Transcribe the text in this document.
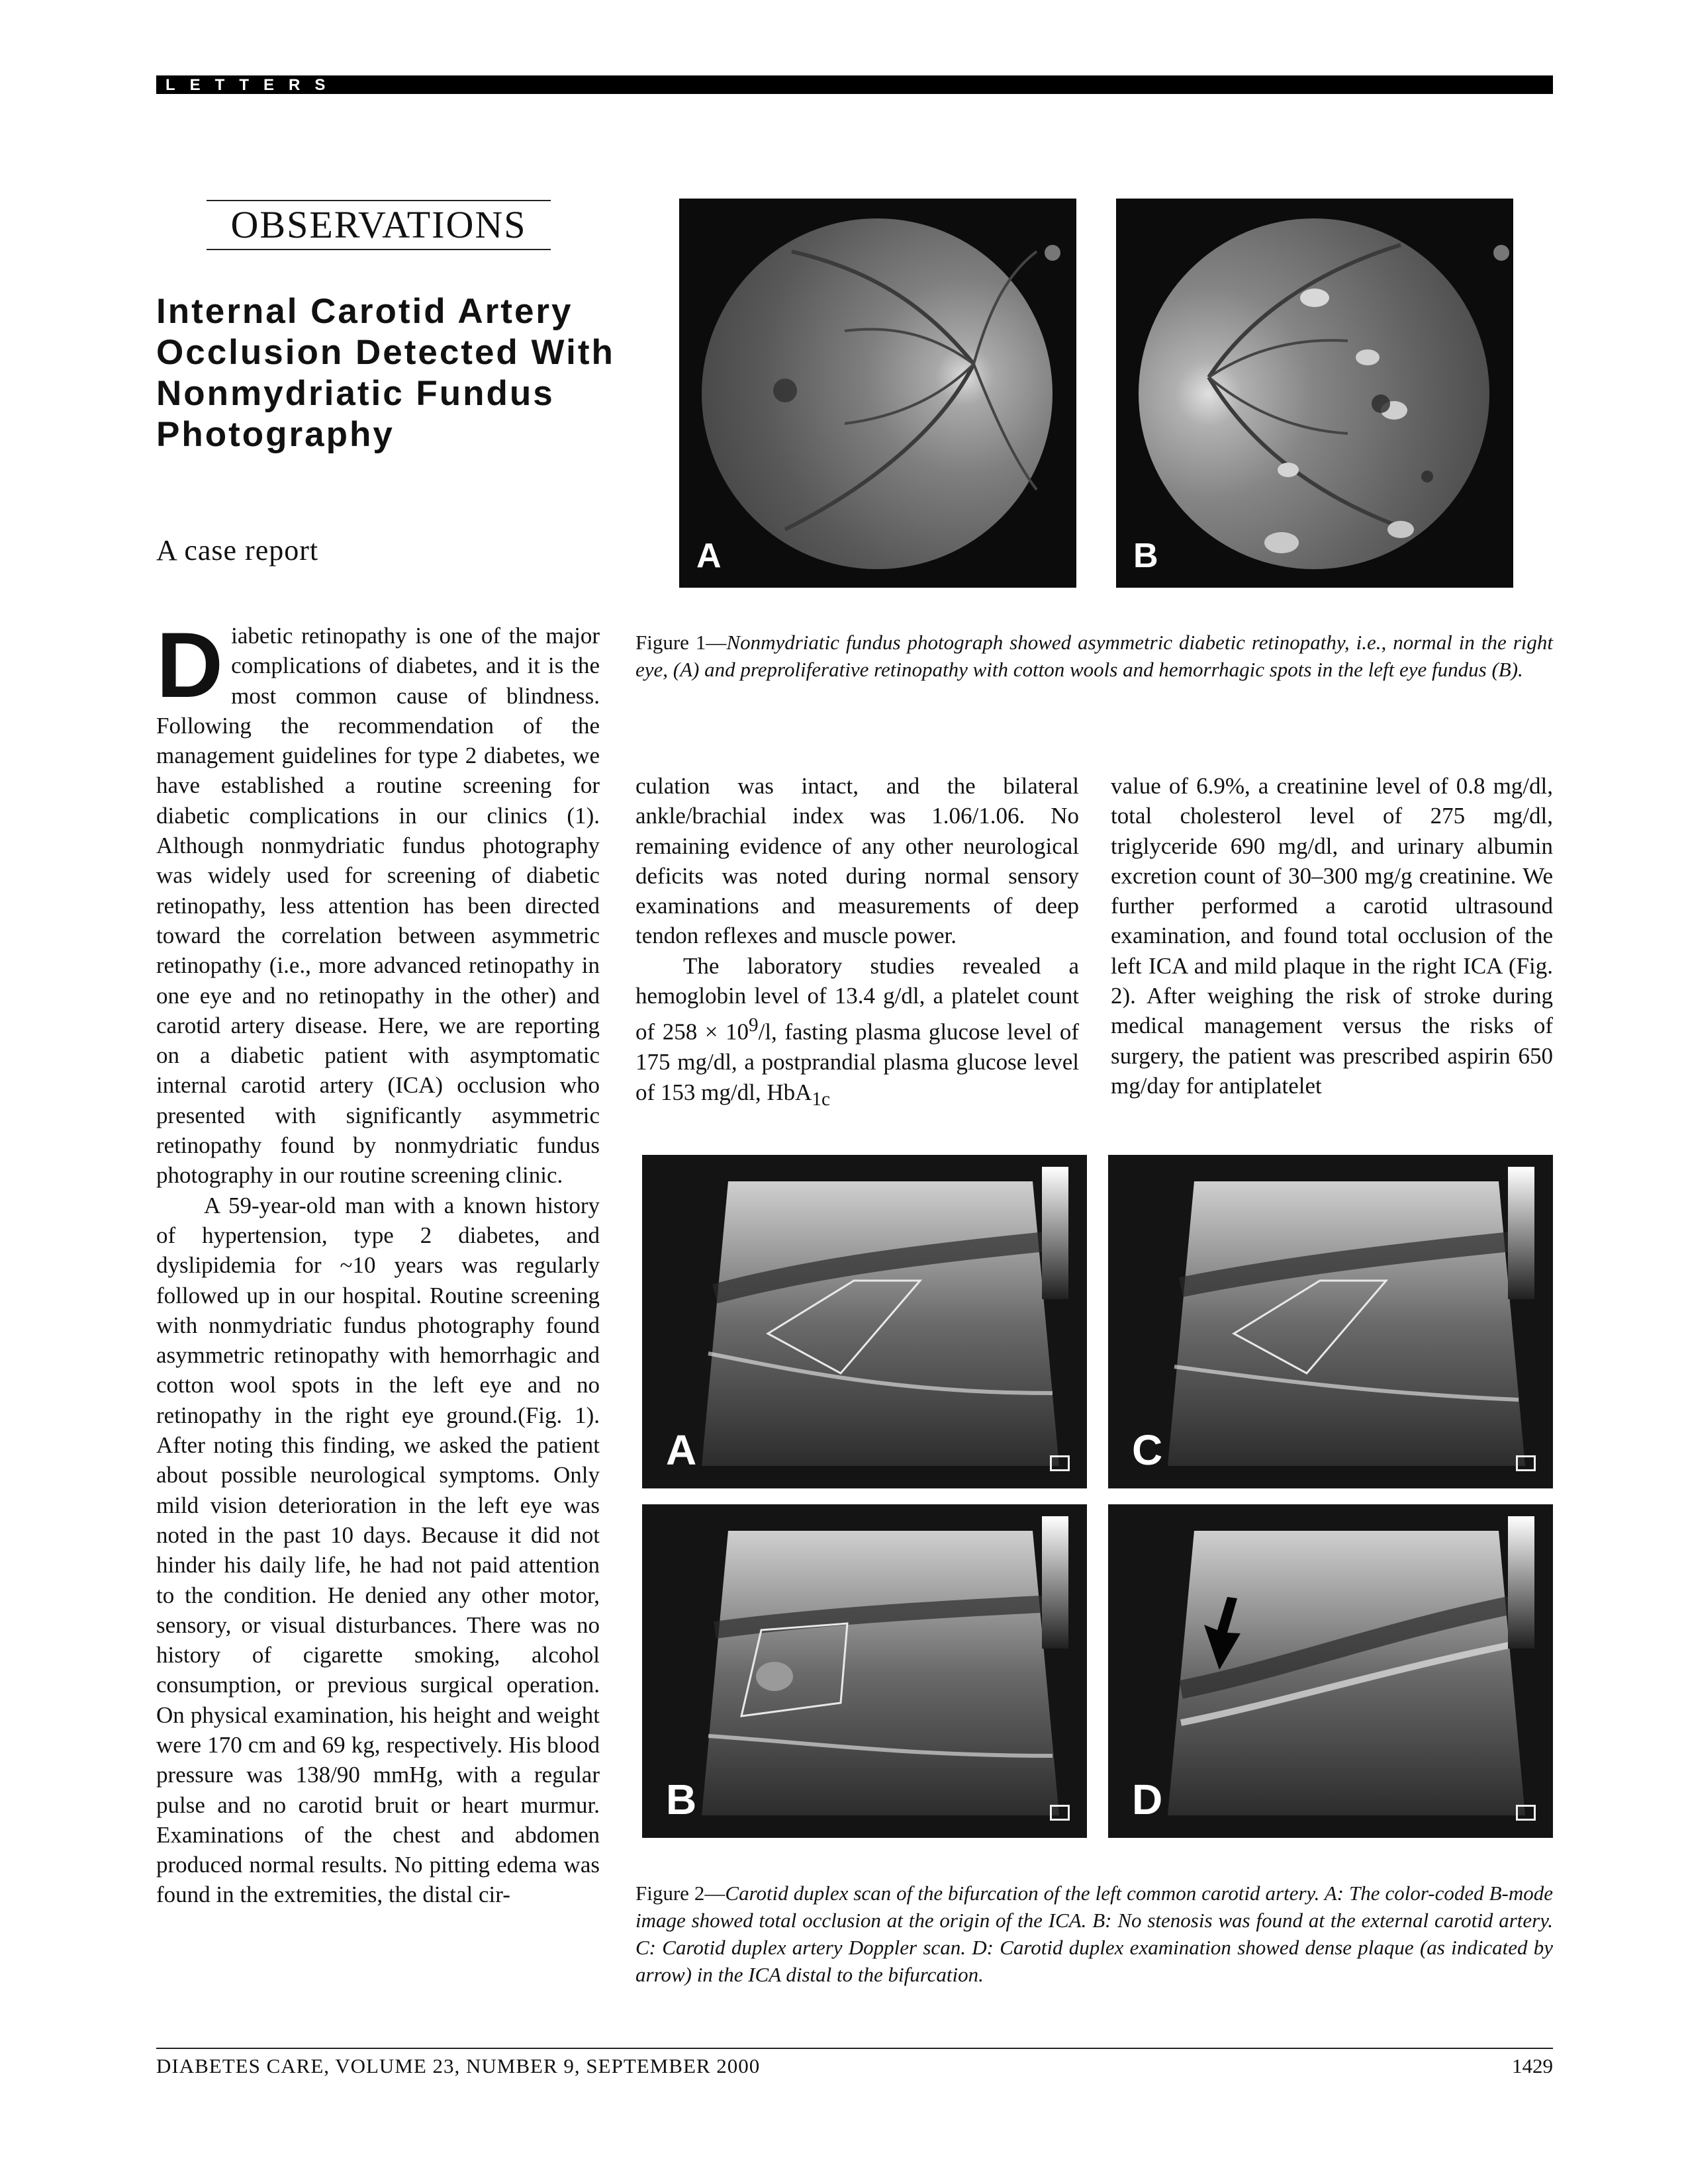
LETTERS
OBSERVATIONS
Internal Carotid Artery Occlusion Detected With Nonmydriatic Fundus Photography
A case report

Diabetic retinopathy is one of the major complications of diabetes, and it is the most common cause of blindness. Following the recommendation of the management guidelines for type 2 diabetes, we have established a routine screening for diabetic complications in our clinics (1). Although nonmydriatic fundus photography was widely used for screening of diabetic retinopathy, less attention has been directed toward the correlation between asymmetric retinopathy (i.e., more advanced retinopathy in one eye and no retinopathy in the other) and carotid artery disease. Here, we are reporting on a diabetic patient with asymptomatic internal carotid artery (ICA) occlusion who presented with significantly asymmetric retinopathy found by nonmydriatic fundus photography in our routine screening clinic.

A 59-year-old man with a known history of hypertension, type 2 diabetes, and dyslipidemia for ~10 years was regularly followed up in our hospital. Routine screening with nonmydriatic fundus photography found asymmetric retinopathy with hemorrhagic and cotton wool spots in the left eye and no retinopathy in the right eye ground.(Fig. 1). After noting this finding, we asked the patient about possible neurological symptoms. Only mild vision deterioration in the left eye was noted in the past 10 days. Because it did not hinder his daily life, he had not paid attention to the condition. He denied any other motor, sensory, or visual disturbances. There was no history of cigarette smoking, alcohol consumption, or previous surgical operation. On physical examination, his height and weight were 170 cm and 69 kg, respectively. His blood pressure was 138/90 mmHg, with a regular pulse and no carotid bruit or heart murmur. Examinations of the chest and abdomen produced normal results. No pitting edema was found in the extremities, the distal cir-

culation was intact, and the bilateral ankle/brachial index was 1.06/1.06. No remaining evidence of any other neurological deficits was noted during normal sensory examinations and measurements of deep tendon reflexes and muscle power.

The laboratory studies revealed a hemoglobin level of 13.4 g/dl, a platelet count of $258 \times 10^9/l$, fasting plasma glucose level of 175 mg/dl, a postprandial plasma glucose level of 153 mg/dl, HbA$_{1c}$

value of 6.9%, a creatinine level of 0.8 mg/dl, total cholesterol level of 275 mg/dl, triglyceride 690 mg/dl, and urinary albumin excretion count of 30–300 mg/g creatinine. We further performed a carotid ultrasound examination, and found total occlusion of the left ICA and mild plaque in the right ICA (Fig. 2). After weighing the risk of stroke during medical management versus the risks of surgery, the patient was prescribed aspirin 650 mg/day for antiplatelet

A	B
Figure 1—Nonmydriatic fundus photograph showed asymmetric diabetic retinopathy, i.e., normal in the right eye, (A) and preproliferative retinopathy with cotton wools and hemorrhagic spots in the left eye fundus (B).
A	C
B	D
Figure 2—Carotid duplex scan of the bifurcation of the left common carotid artery. A: The color-coded B-mode image showed total occlusion at the origin of the ICA. B: No stenosis was found at the external carotid artery. C: Carotid duplex artery Doppler scan. D: Carotid duplex examination showed dense plaque (as indicated by arrow) in the ICA distal to the bifurcation.
DIABETES CARE, VOLUME 23, NUMBER 9, SEPTEMBER 2000	1429
